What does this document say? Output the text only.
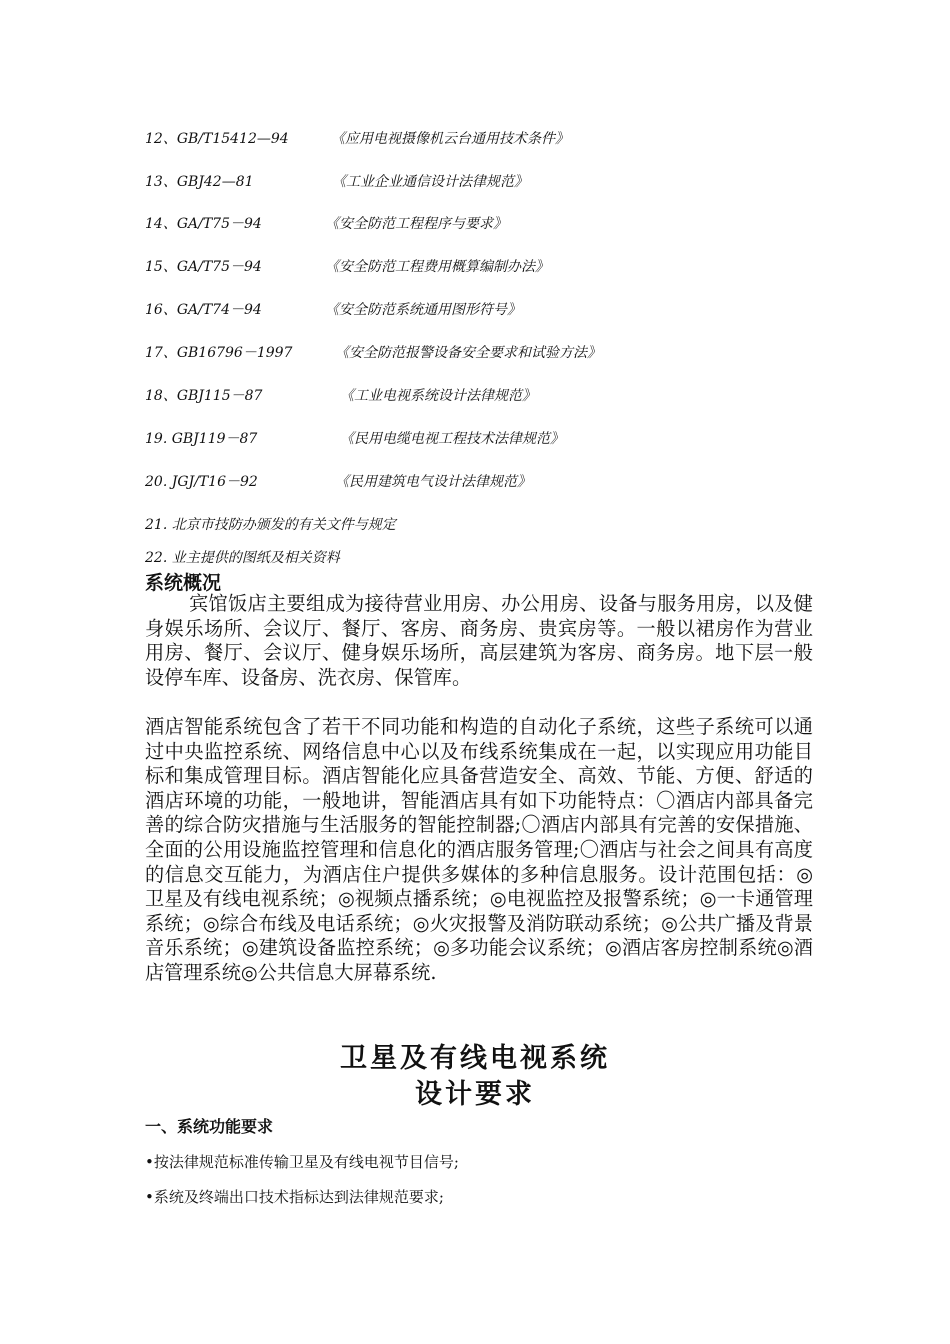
12、GB/T15412—94	《应用电视摄像机云台通用技术条件》
13、GBJ42—81	《工业企业通信设计法律规范》
14、GA/T75－94	《安全防范工程程序与要求》
15、GA/T75－94	《安全防范工程费用概算编制办法》
16、GA/T74－94	《安全防范系统通用图形符号》
17、GB16796－1997	《安全防范报警设备安全要求和试验方法》
18、GBJ115－87	《工业电视系统设计法律规范》
19. GBJ119－87	《民用电缆电视工程技术法律规范》
20. JGJ/T16－92	《民用建筑电气设计法律规范》
21. 北京市技防办颁发的有关文件与规定
22. 业主提供的图纸及相关资料
系统概况
宾馆饭店主要组成为接待营业用房、办公用房、设备与服务用房，以及健身娱乐场所、会议厅、餐厅、客房、商务房、贵宾房等。一般以裙房作为营业用房、餐厅、会议厅、健身娱乐场所，高层建筑为客房、商务房。地下层一般设停车库、设备房、洗衣房、保管库。
酒店智能系统包含了若干不同功能和构造的自动化子系统，这些子系统可以通过中央监控系统、网络信息中心以及布线系统集成在一起，以实现应用功能目标和集成管理目标。酒店智能化应具备营造安全、高效、节能、方便、舒适的酒店环境的功能，一般地讲，智能酒店具有如下功能特点：〇酒店内部具备完善的综合防灾措施与生活服务的智能控制器;〇酒店内部具有完善的安保措施、全面的公用设施监控管理和信息化的酒店服务管理;〇酒店与社会之间具有高度的信息交互能力，为酒店住户提供多媒体的多种信息服务。设计范围包括：◎卫星及有线电视系统；◎视频点播系统；◎电视监控及报警系统；◎一卡通管理系统；◎综合布线及电话系统；◎火灾报警及消防联动系统；◎公共广播及背景音乐系统；◎建筑设备监控系统；◎多功能会议系统；◎酒店客房控制系统◎酒店管理系统◎公共信息大屏幕系统.
卫星及有线电视系统
设计要求
一、系统功能要求
•按法律规范标准传输卫星及有线电视节目信号;
•系统及终端出口技术指标达到法律规范要求;
